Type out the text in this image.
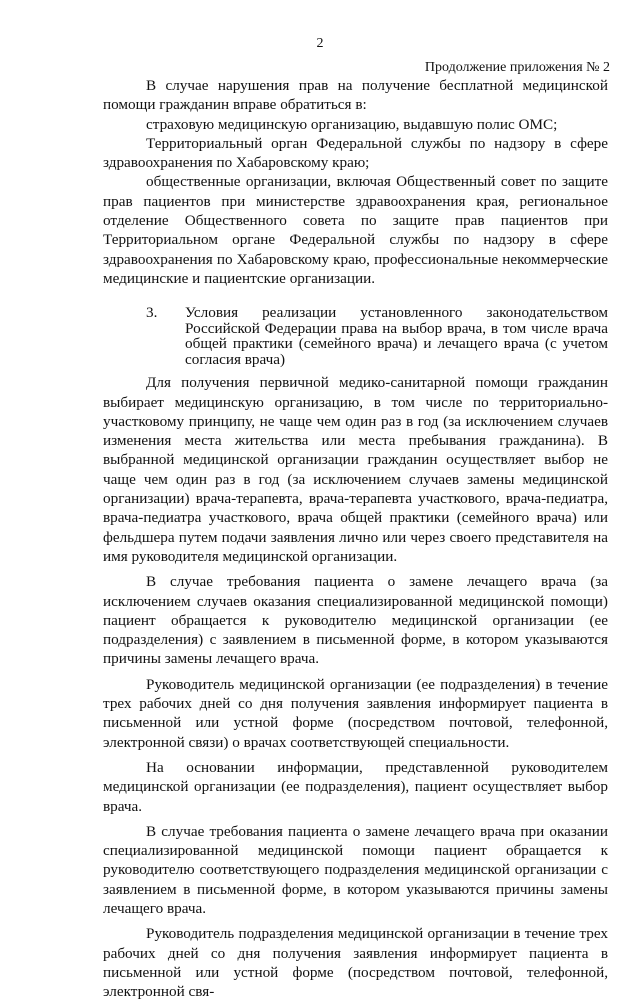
2
Продолжение приложения № 2

В случае нарушения прав на получение бесплатной медицинской помощи гражданин вправе обратиться в:

страховую медицинскую организацию, выдавшую полис ОМС;

Территориальный орган Федеральной службы по надзору в сфере здравоохранения по Хабаровскому краю;

общественные организации, включая Общественный совет по защите прав пациентов при министерстве здравоохранения края, региональное отделение Общественного совета по защите прав пациентов при Территориальном органе Федеральной службы по надзору в сфере здравоохранения по Хабаровскому краю, профессиональные некоммерческие медицинские и пациентские организации.

3.	Условия реализации установленного законодательством Российской Федерации права на выбор врача, в том числе врача общей практики (семейного врача) и лечащего врача (с учетом согласия врача)

Для получения первичной медико-санитарной помощи гражданин выбирает медицинскую организацию, в том числе по территориально-участковому принципу, не чаще чем один раз в год (за исключением случаев изменения места жительства или места пребывания гражданина). В выбранной медицинской организации гражданин осуществляет выбор не чаще чем один раз в год (за исключением случаев замены медицинской организации) врача-терапевта, врача-терапевта участкового, врача-педиатра, врача-педиатра участкового, врача общей практики (семейного врача) или фельдшера путем подачи заявления лично или через своего представителя на имя руководителя медицинской организации.

В случае требования пациента о замене лечащего врача (за исключением случаев оказания специализированной медицинской помощи) пациент обращается к руководителю медицинской организации (ее подразделения) с заявлением в письменной форме, в котором указываются причины замены лечащего врача.

Руководитель медицинской организации (ее подразделения) в течение трех рабочих дней со дня получения заявления информирует пациента в письменной или устной форме (посредством почтовой, телефонной, электронной связи) о врачах соответствующей специальности.

На основании информации, представленной руководителем медицинской организации (ее подразделения), пациент осуществляет выбор врача.

В случае требования пациента о замене лечащего врача при оказании специализированной медицинской помощи пациент обращается к руководителю соответствующего подразделения медицинской организации с заявлением в письменной форме, в котором указываются причины замены лечащего врача.

Руководитель подразделения медицинской организации в течение трех рабочих дней со дня получения заявления информирует пациента в письменной или устной форме (посредством почтовой, телефонной, электронной свя-
